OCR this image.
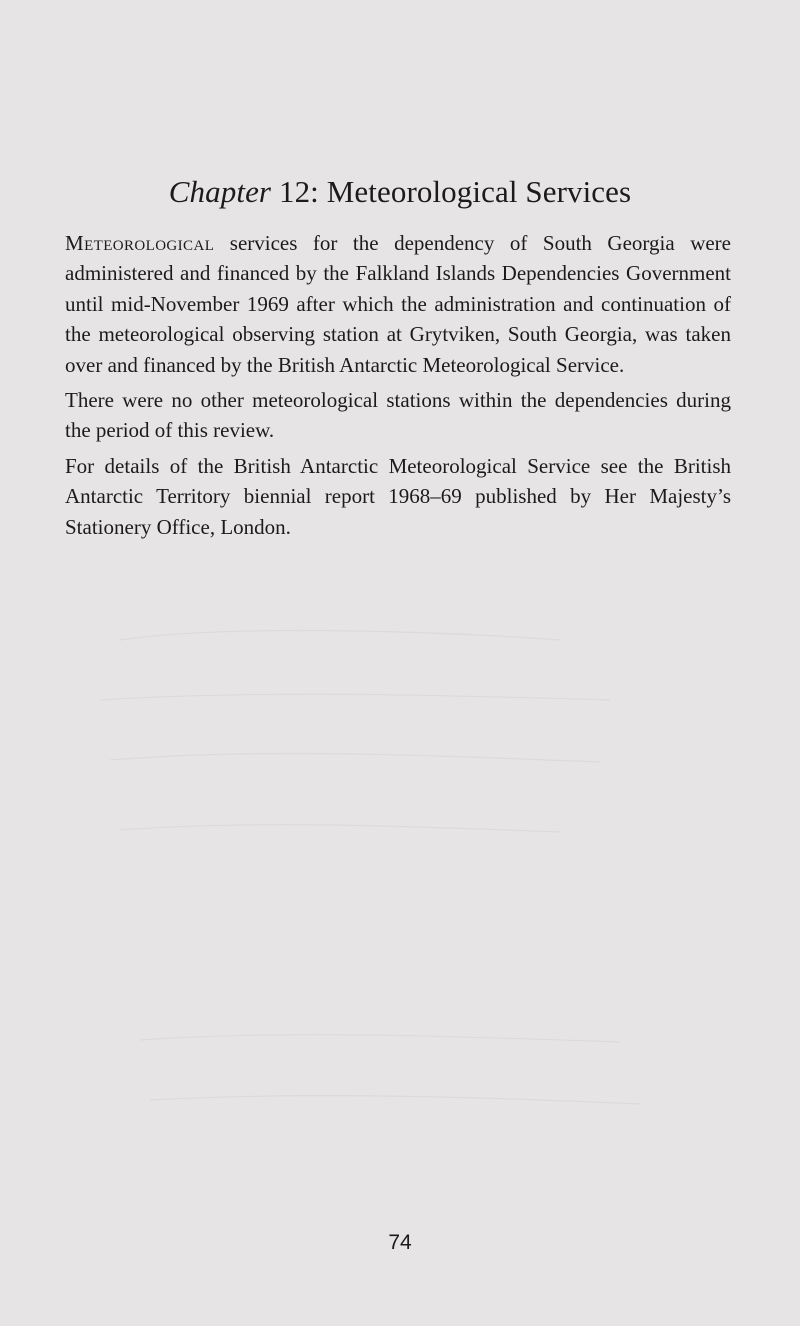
Chapter 12: Meteorological Services

Meteorological services for the dependency of South Georgia were administered and financed by the Falkland Islands Dependencies Government until mid-November 1969 after which the administration and continuation of the meteorological observing station at Grytviken, South Georgia, was taken over and financed by the British Antarctic Meteorological Service.

There were no other meteorological stations within the dependencies during the period of this review.

For details of the British Antarctic Meteorological Service see the British Antarctic Territory biennial report 1968–69 published by Her Majesty’s Stationery Office, London.

74
